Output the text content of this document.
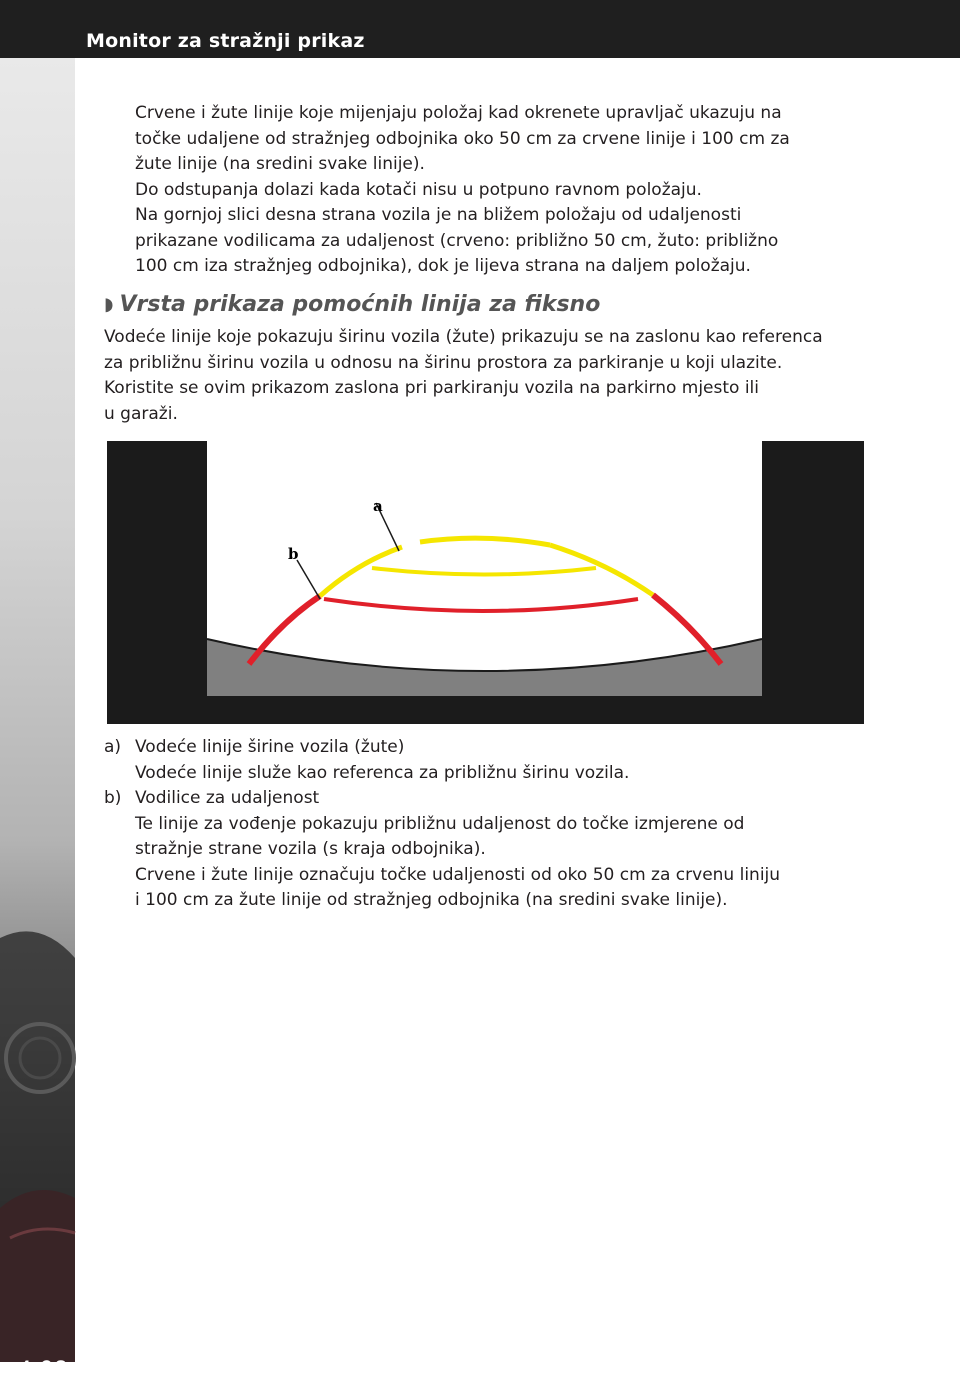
Monitor za stražnji prikaz
4-98

Crvene i žute linije koje mijenjaju položaj kad okrenete upravljač ukazuju na

točke udaljene od stražnjeg odbojnika oko 50 cm za crvene linije i 100 cm za

žute linije (na sredini svake linije).

Do odstupanja dolazi kada kotači nisu u potpuno ravnom položaju.

Na gornjoj slici desna strana vozila je na bližem položaju od udaljenosti

prikazane vodilicama za udaljenost (crveno: približno 50 cm, žuto: približno

100 cm iza stražnjeg odbojnika), dok je lijeva strana na daljem položaju.

◗ Vrsta prikaza pomoćnih linija za fiksno

Vodeće linije koje pokazuju širinu vozila (žute) prikazuju se na zaslonu kao referenca

za približnu širinu vozila u odnosu na širinu prostora za parkiranje u koji ulazite.

Koristite se ovim prikazom zaslona pri parkiranju vozila na parkirno mjesto ili

u garaži.

a
b
a) Vodeće linije širine vozila (žute)

Vodeće linije služe kao referenca za približnu širinu vozila.

b) Vodilice za udaljenost

Te linije za vođenje pokazuju približnu udaljenost do točke izmjerene od

stražnje strane vozila (s kraja odbojnika).

Crvene i žute linije označuju točke udaljenosti od oko 50 cm za crvenu liniju

i 100 cm za žute linije od stražnjeg odbojnika (na sredini svake linije).
